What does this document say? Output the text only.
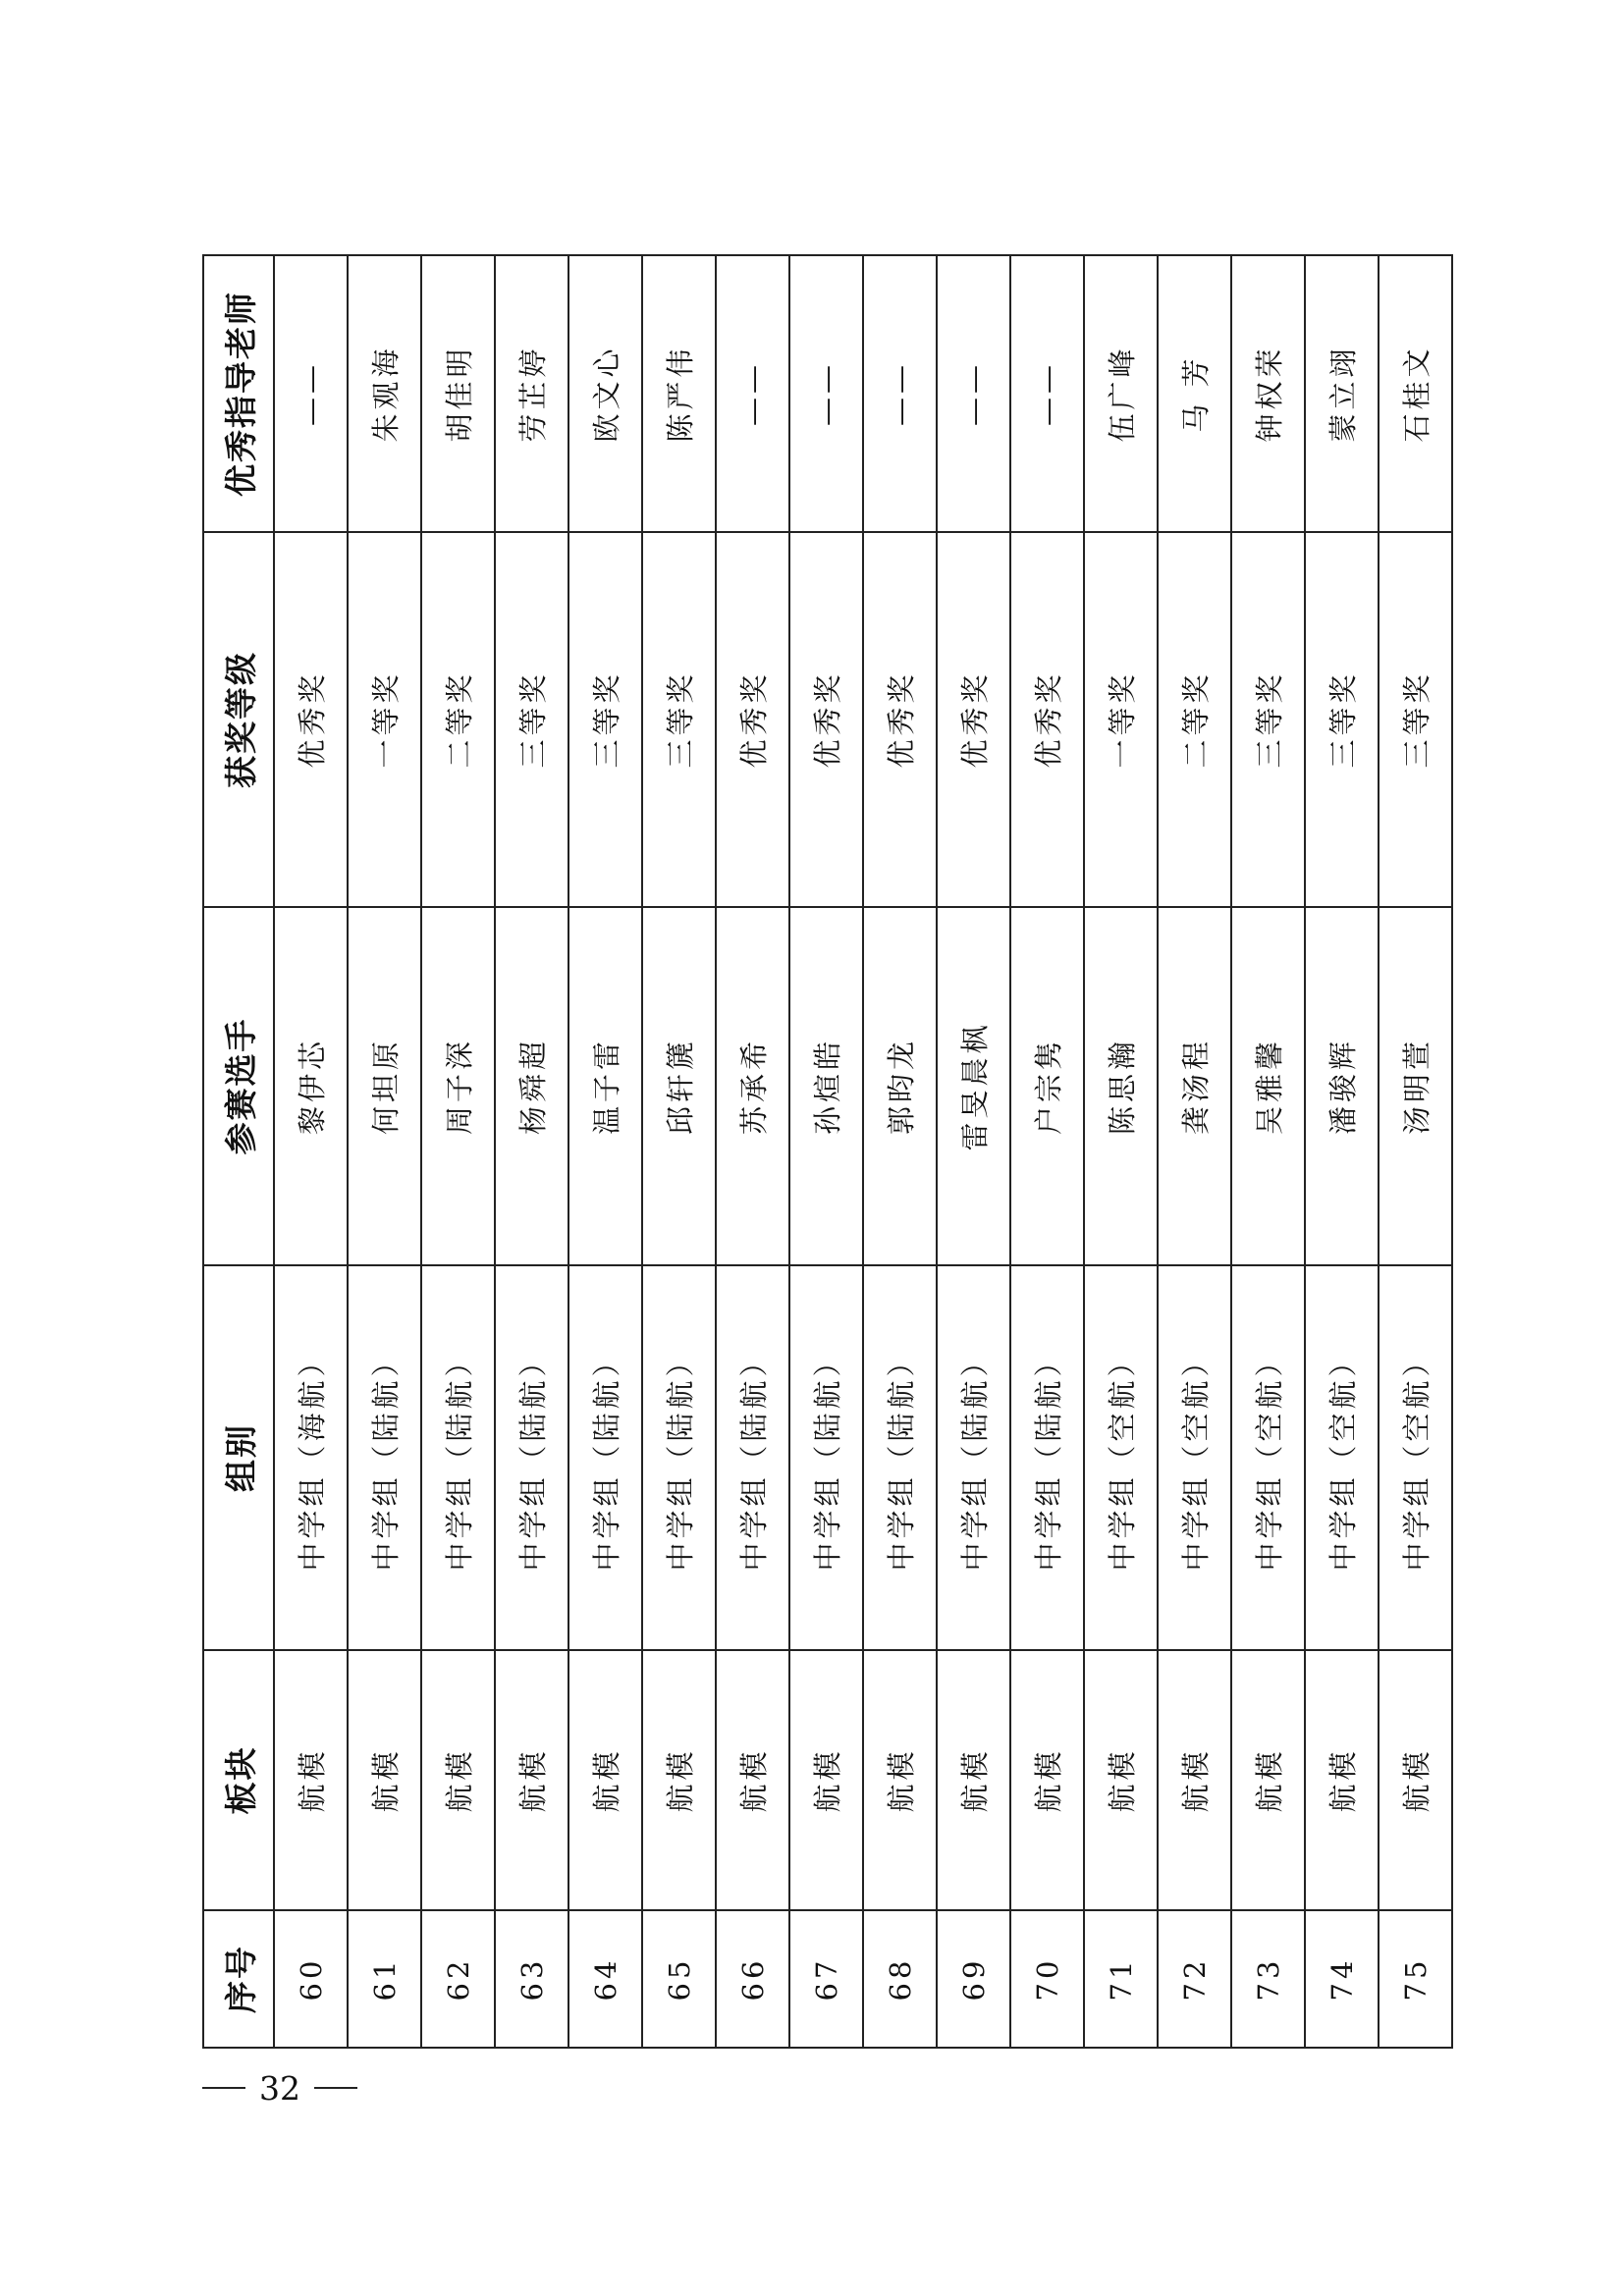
序号	板块	组别	参赛选手	获奖等级	优秀指导老师
60	航模	中学组（海航）	黎伊芯	优秀奖	——
61	航模	中学组（陆航）	何坦原	一等奖	朱观海
62	航模	中学组（陆航）	周子深	二等奖	胡佳明
63	航模	中学组（陆航）	杨舜超	三等奖	劳芷婷
64	航模	中学组（陆航）	温子雷	三等奖	欧文心
65	航模	中学组（陆航）	邱轩篪	三等奖	陈严伟
66	航模	中学组（陆航）	苏承希	优秀奖	——
67	航模	中学组（陆航）	孙煊皓	优秀奖	——
68	航模	中学组（陆航）	郭昀龙	优秀奖	——
69	航模	中学组（陆航）	雷旻晨枫	优秀奖	——
70	航模	中学组（陆航）	户宗隽	优秀奖	——
71	航模	中学组（空航）	陈思瀚	一等奖	伍广峰
72	航模	中学组（空航）	龚汤程	二等奖	马 芳
73	航模	中学组（空航）	吴雅馨	三等奖	钟权荣
74	航模	中学组（空航）	潘骏辉	三等奖	蒙立翊
75	航模	中学组（空航）	汤明萱	三等奖	石桂文
32
